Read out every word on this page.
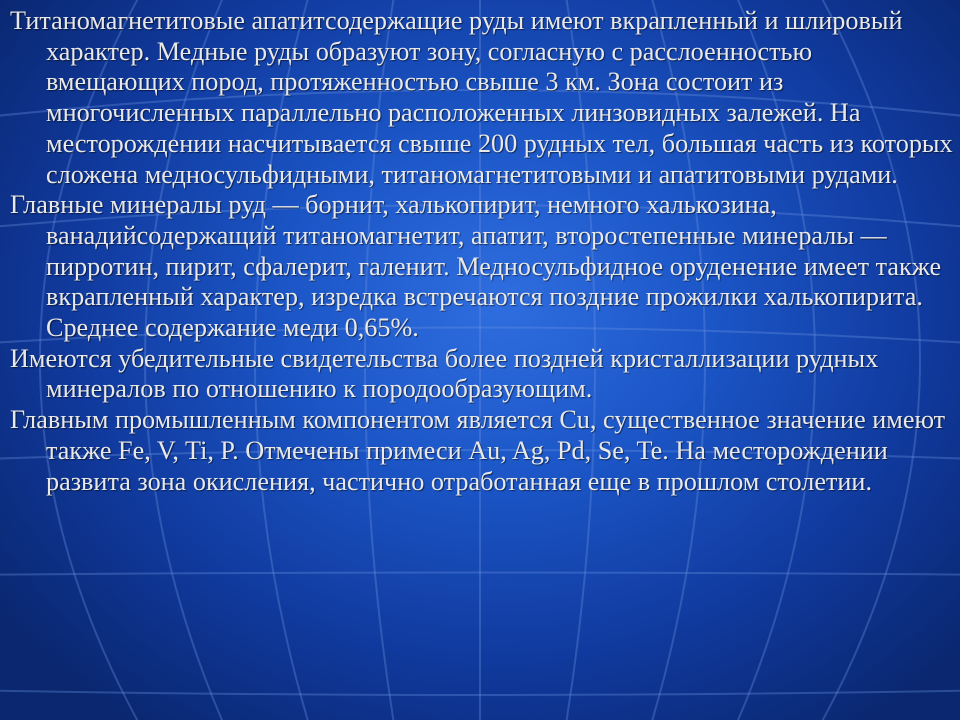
Титаномагнетитовые апатитсодержащие руды имеют вкрапленный и шлировый характер. Медные руды образуют зону, согласную с расслоенностью вмещающих пород, протяженностью свыше 3 км. Зона состоит из многочисленных параллельно расположенных линзовидных залежей. На месторождении насчитывается свыше 200 рудных тел, большая часть из которых сложена медносульфидными, титаномагнетитовыми и апатитовыми рудами.

Главные минералы руд — борнит, халькопирит, немного халькозина, ванадийсодержащий титаномагнетит, апатит, второстепенные минералы — пирротин, пирит, сфалерит, галенит. Медносульфидное оруденение имеет также вкрапленный характер, изредка встречаются поздние прожилки халькопирита. Среднее содержание меди 0,65%.

Имеются убедительные свидетельства более поздней кристаллизации рудных минералов по отношению к породообразующим.

Главным промышленным компонентом является Cu, существенное значение имеют также Fe, V, Ti, P. Отмечены примеси Au, Ag, Pd, Se, Te. На месторождении развита зона окисления, частично отработанная еще в прошлом столетии.
